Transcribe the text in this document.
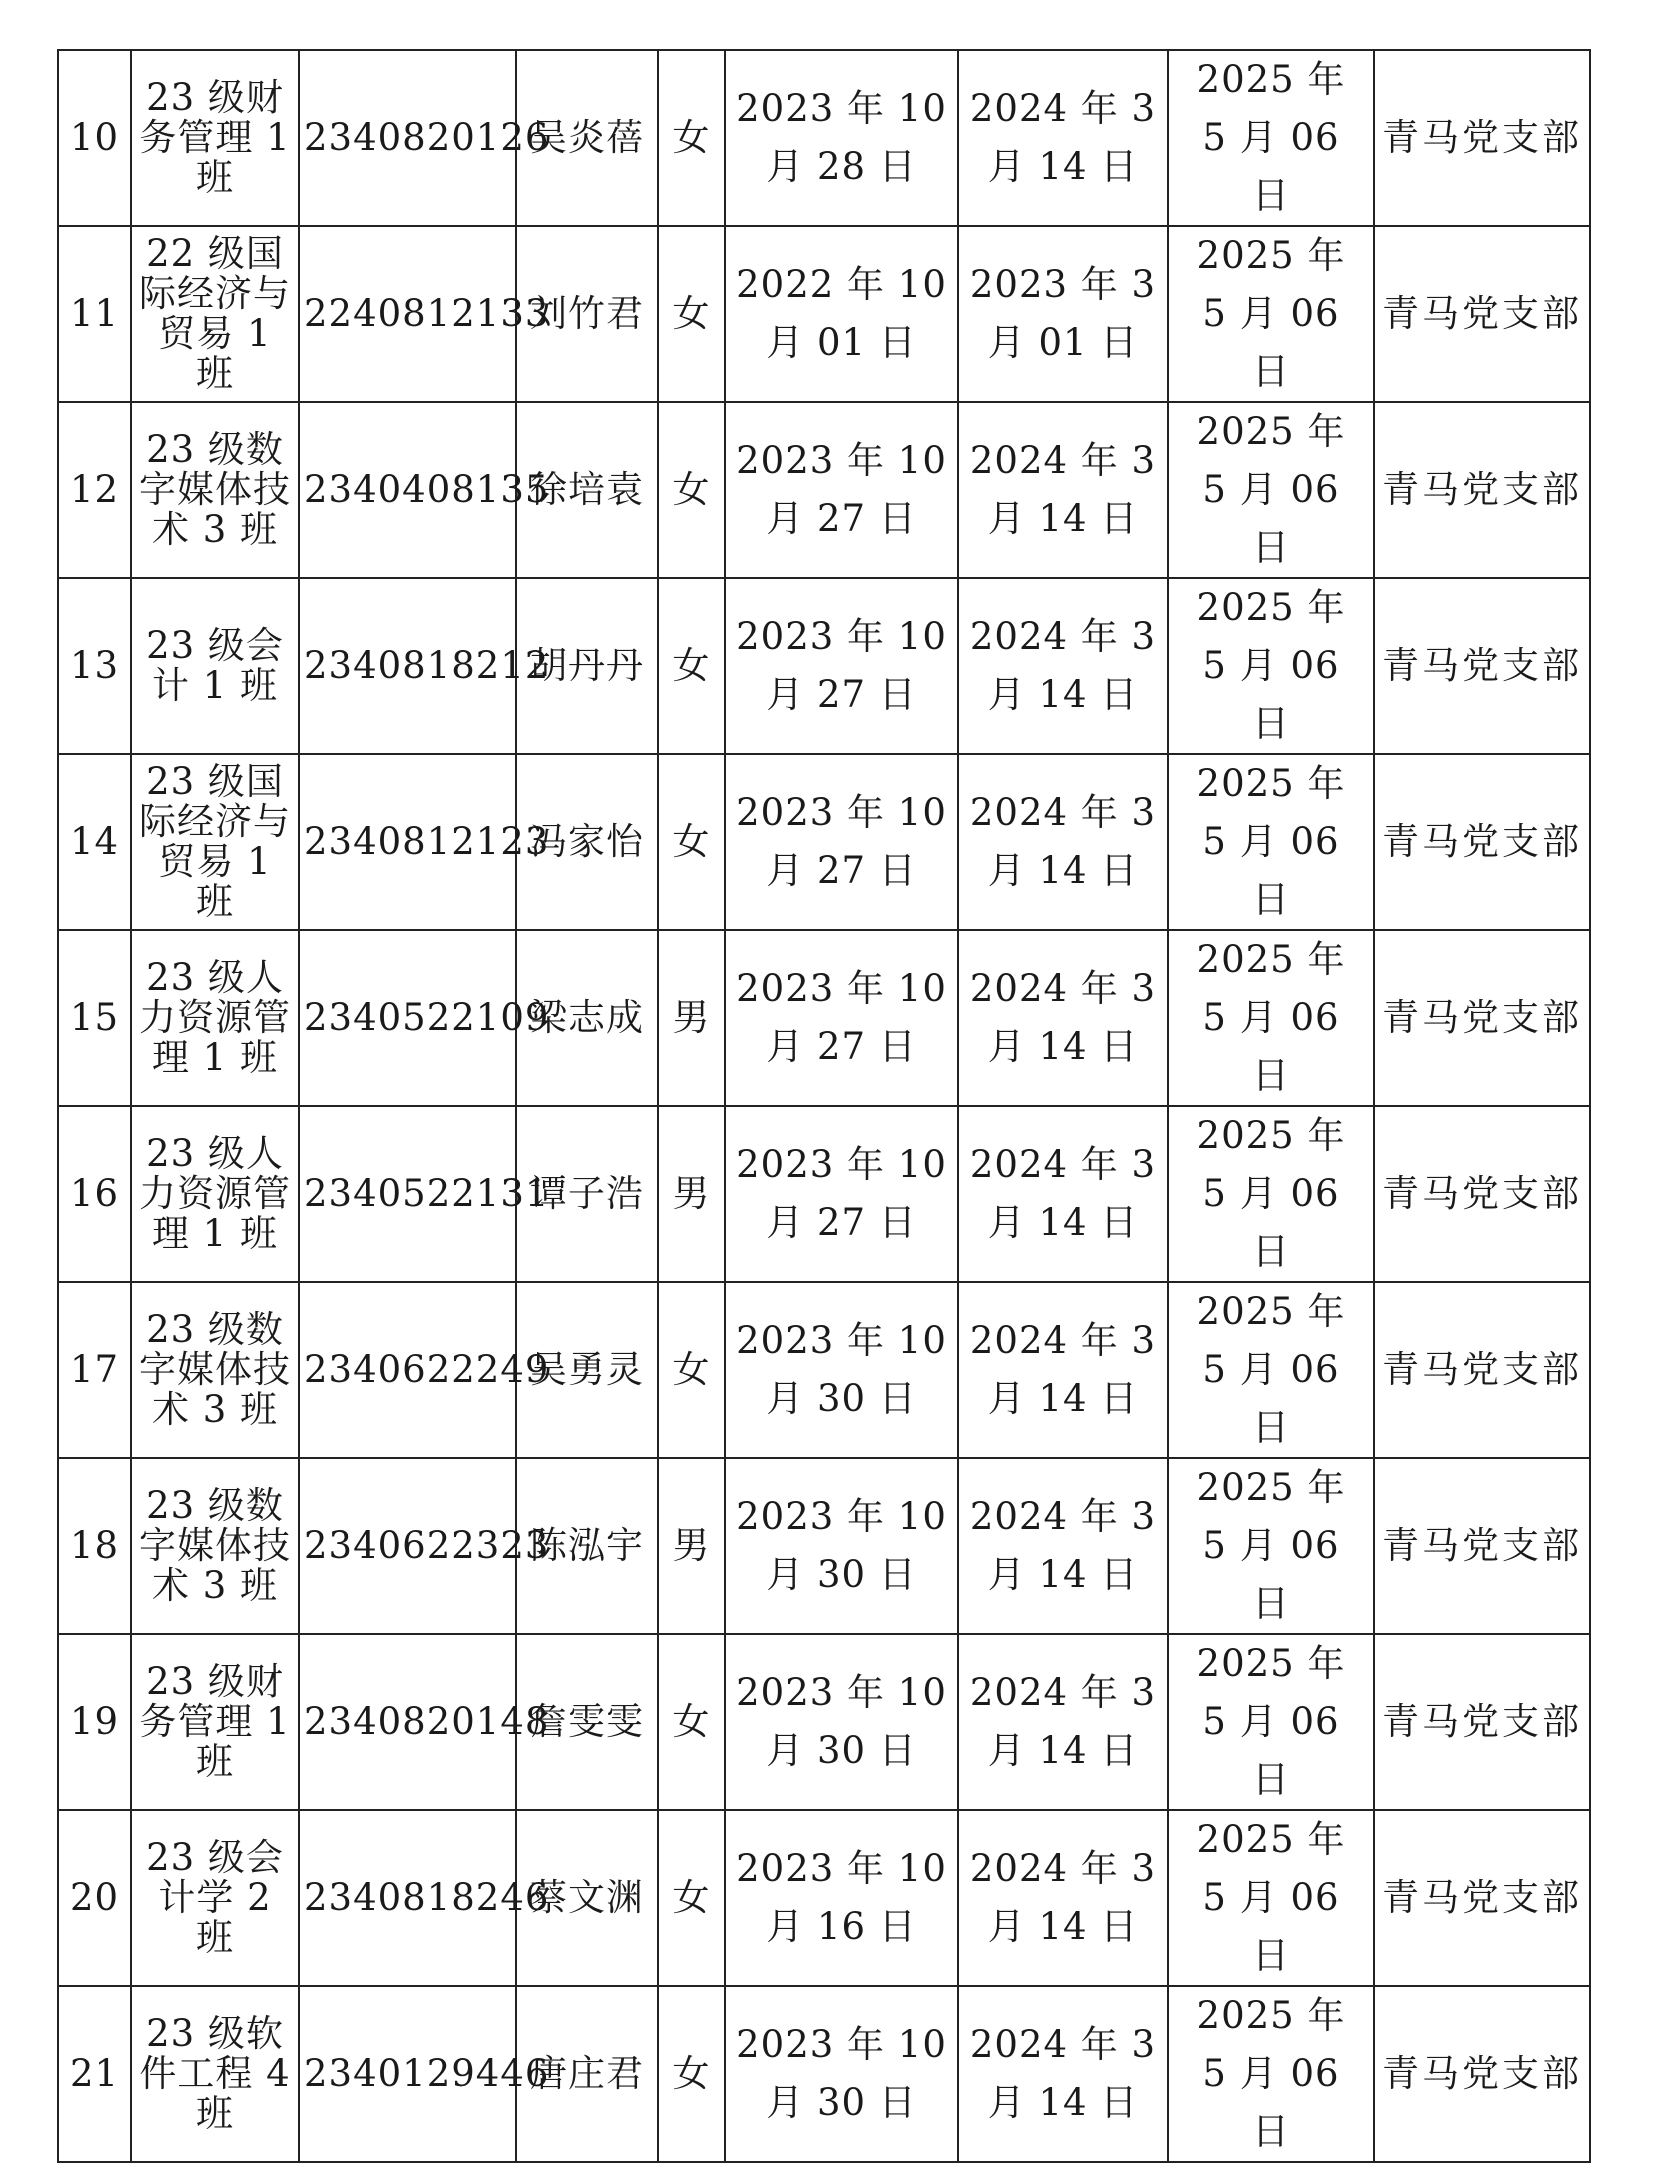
10	23 级财务管理 1 班	2340820126	吴炎蓓	女	2023 年 10 月 28 日	2024 年 3 月 14 日	2025 年 5 月 06 日	青马党支部
11	22 级国际经济与贸易 1 班	2240812133	刘竹君	女	2022 年 10 月 01 日	2023 年 3 月 01 日	2025 年 5 月 06 日	青马党支部
12	23 级数字媒体技术 3 班	2340408135	徐培袁	女	2023 年 10 月 27 日	2024 年 3 月 14 日	2025 年 5 月 06 日	青马党支部
13	23 级会计 1 班	2340818212	胡丹丹	女	2023 年 10 月 27 日	2024 年 3 月 14 日	2025 年 5 月 06 日	青马党支部
14	23 级国际经济与贸易 1 班	2340812123	冯家怡	女	2023 年 10 月 27 日	2024 年 3 月 14 日	2025 年 5 月 06 日	青马党支部
15	23 级人力资源管理 1 班	2340522109	梁志成	男	2023 年 10 月 27 日	2024 年 3 月 14 日	2025 年 5 月 06 日	青马党支部
16	23 级人力资源管理 1 班	2340522131	谭子浩	男	2023 年 10 月 27 日	2024 年 3 月 14 日	2025 年 5 月 06 日	青马党支部
17	23 级数字媒体技术 3 班	2340622249	吴勇灵	女	2023 年 10 月 30 日	2024 年 3 月 14 日	2025 年 5 月 06 日	青马党支部
18	23 级数字媒体技术 3 班	2340622323	陈泓宇	男	2023 年 10 月 30 日	2024 年 3 月 14 日	2025 年 5 月 06 日	青马党支部
19	23 级财务管理 1 班	2340820148	詹雯雯	女	2023 年 10 月 30 日	2024 年 3 月 14 日	2025 年 5 月 06 日	青马党支部
20	23 级会计学 2 班	2340818246	蔡文渊	女	2023 年 10 月 16 日	2024 年 3 月 14 日	2025 年 5 月 06 日	青马党支部
21	23 级软件工程 4 班	2340129446	唐庄君	女	2023 年 10 月 30 日	2024 年 3 月 14 日	2025 年 5 月 06 日	青马党支部
